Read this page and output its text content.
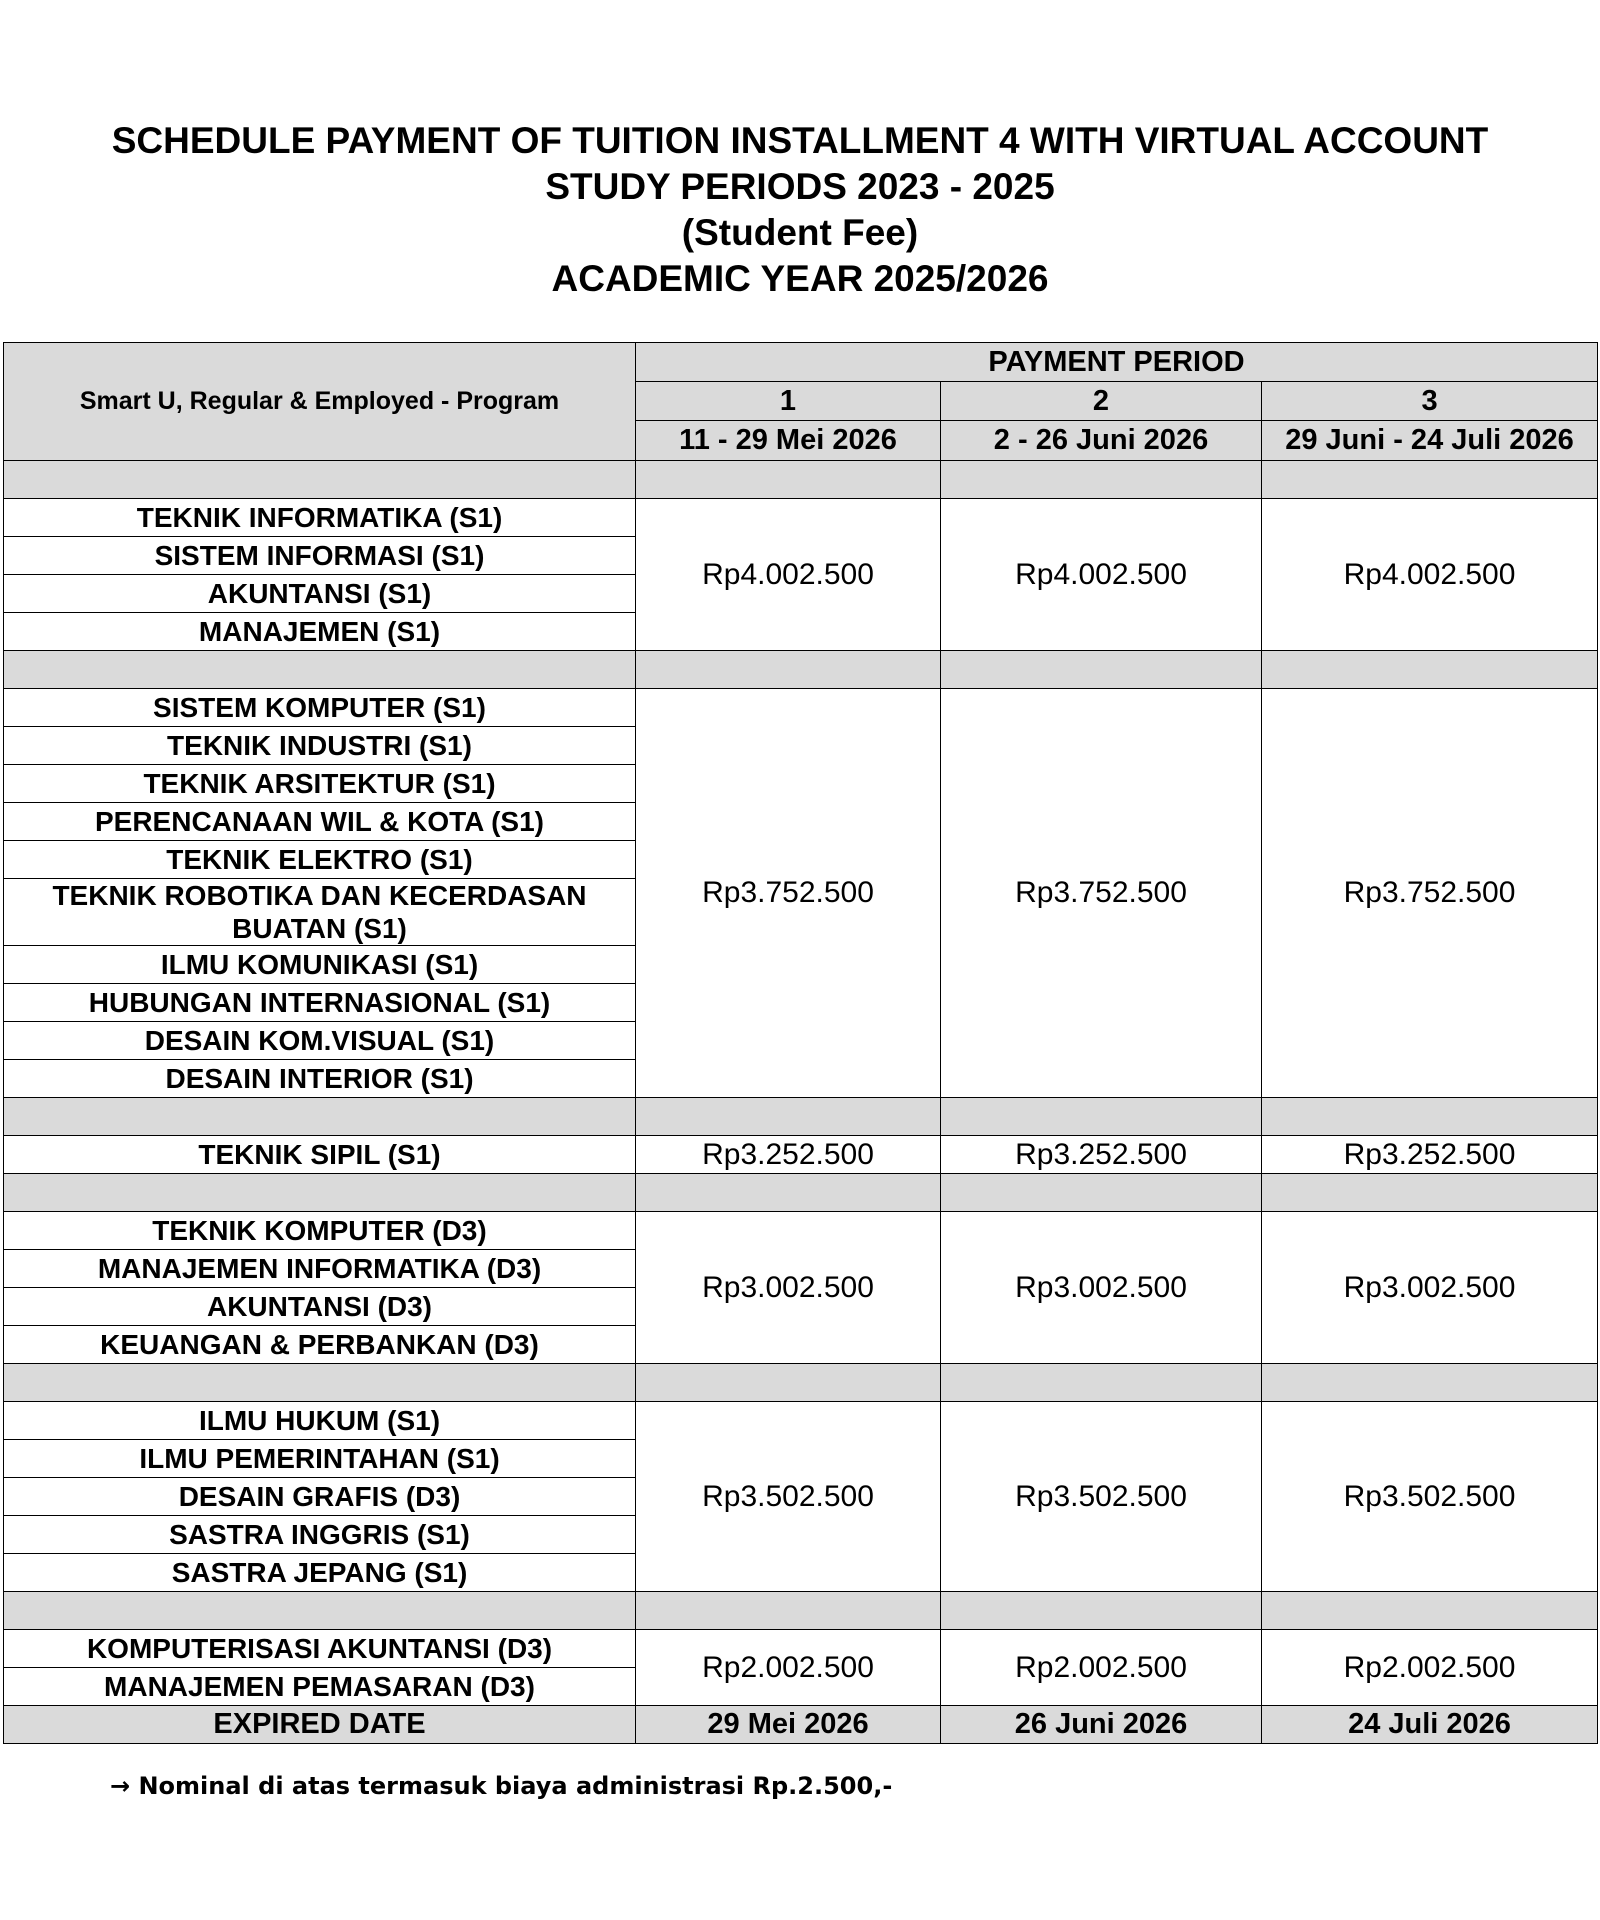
SCHEDULE PAYMENT OF TUITION INSTALLMENT 4 WITH VIRTUAL ACCOUNT
STUDY PERIODS 2023 - 2025
(Student Fee)
ACADEMIC YEAR 2025/2026
Smart U, Regular & Employed - Program	PAYMENT PERIOD		
	1	2	3
	11 - 29 Mei 2026	2 - 26 Juni 2026	29 Juni - 24 Juli 2026

TEKNIK INFORMATIKA (S1)	Rp4.002.500	Rp4.002.500	Rp4.002.500
SISTEM INFORMASI (S1)			
AKUNTANSI (S1)			
MANAJEMEN (S1)			

SISTEM KOMPUTER (S1)	Rp3.752.500	Rp3.752.500	Rp3.752.500
TEKNIK INDUSTRI (S1)			
TEKNIK ARSITEKTUR (S1)			
PERENCANAAN WIL & KOTA (S1)			
TEKNIK ELEKTRO (S1)			
TEKNIK ROBOTIKA DAN KECERDASAN BUATAN (S1)			
ILMU KOMUNIKASI (S1)			
HUBUNGAN INTERNASIONAL (S1)			
DESAIN KOM.VISUAL (S1)			
DESAIN INTERIOR (S1)			

TEKNIK SIPIL (S1)	Rp3.252.500	Rp3.252.500	Rp3.252.500

TEKNIK KOMPUTER (D3)	Rp3.002.500	Rp3.002.500	Rp3.002.500
MANAJEMEN INFORMATIKA (D3)			
AKUNTANSI (D3)			
KEUANGAN & PERBANKAN (D3)			

ILMU HUKUM (S1)	Rp3.502.500	Rp3.502.500	Rp3.502.500
ILMU PEMERINTAHAN (S1)			
DESAIN GRAFIS (D3)			
SASTRA INGGRIS (S1)			
SASTRA JEPANG (S1)			

KOMPUTERISASI AKUNTANSI (D3)	Rp2.002.500	Rp2.002.500	Rp2.002.500
MANAJEMEN PEMASARAN (D3)			
EXPIRED DATE	29 Mei 2026	26 Juni 2026	24 Juli 2026
→ Nominal di atas termasuk biaya administrasi Rp.2.500,-
